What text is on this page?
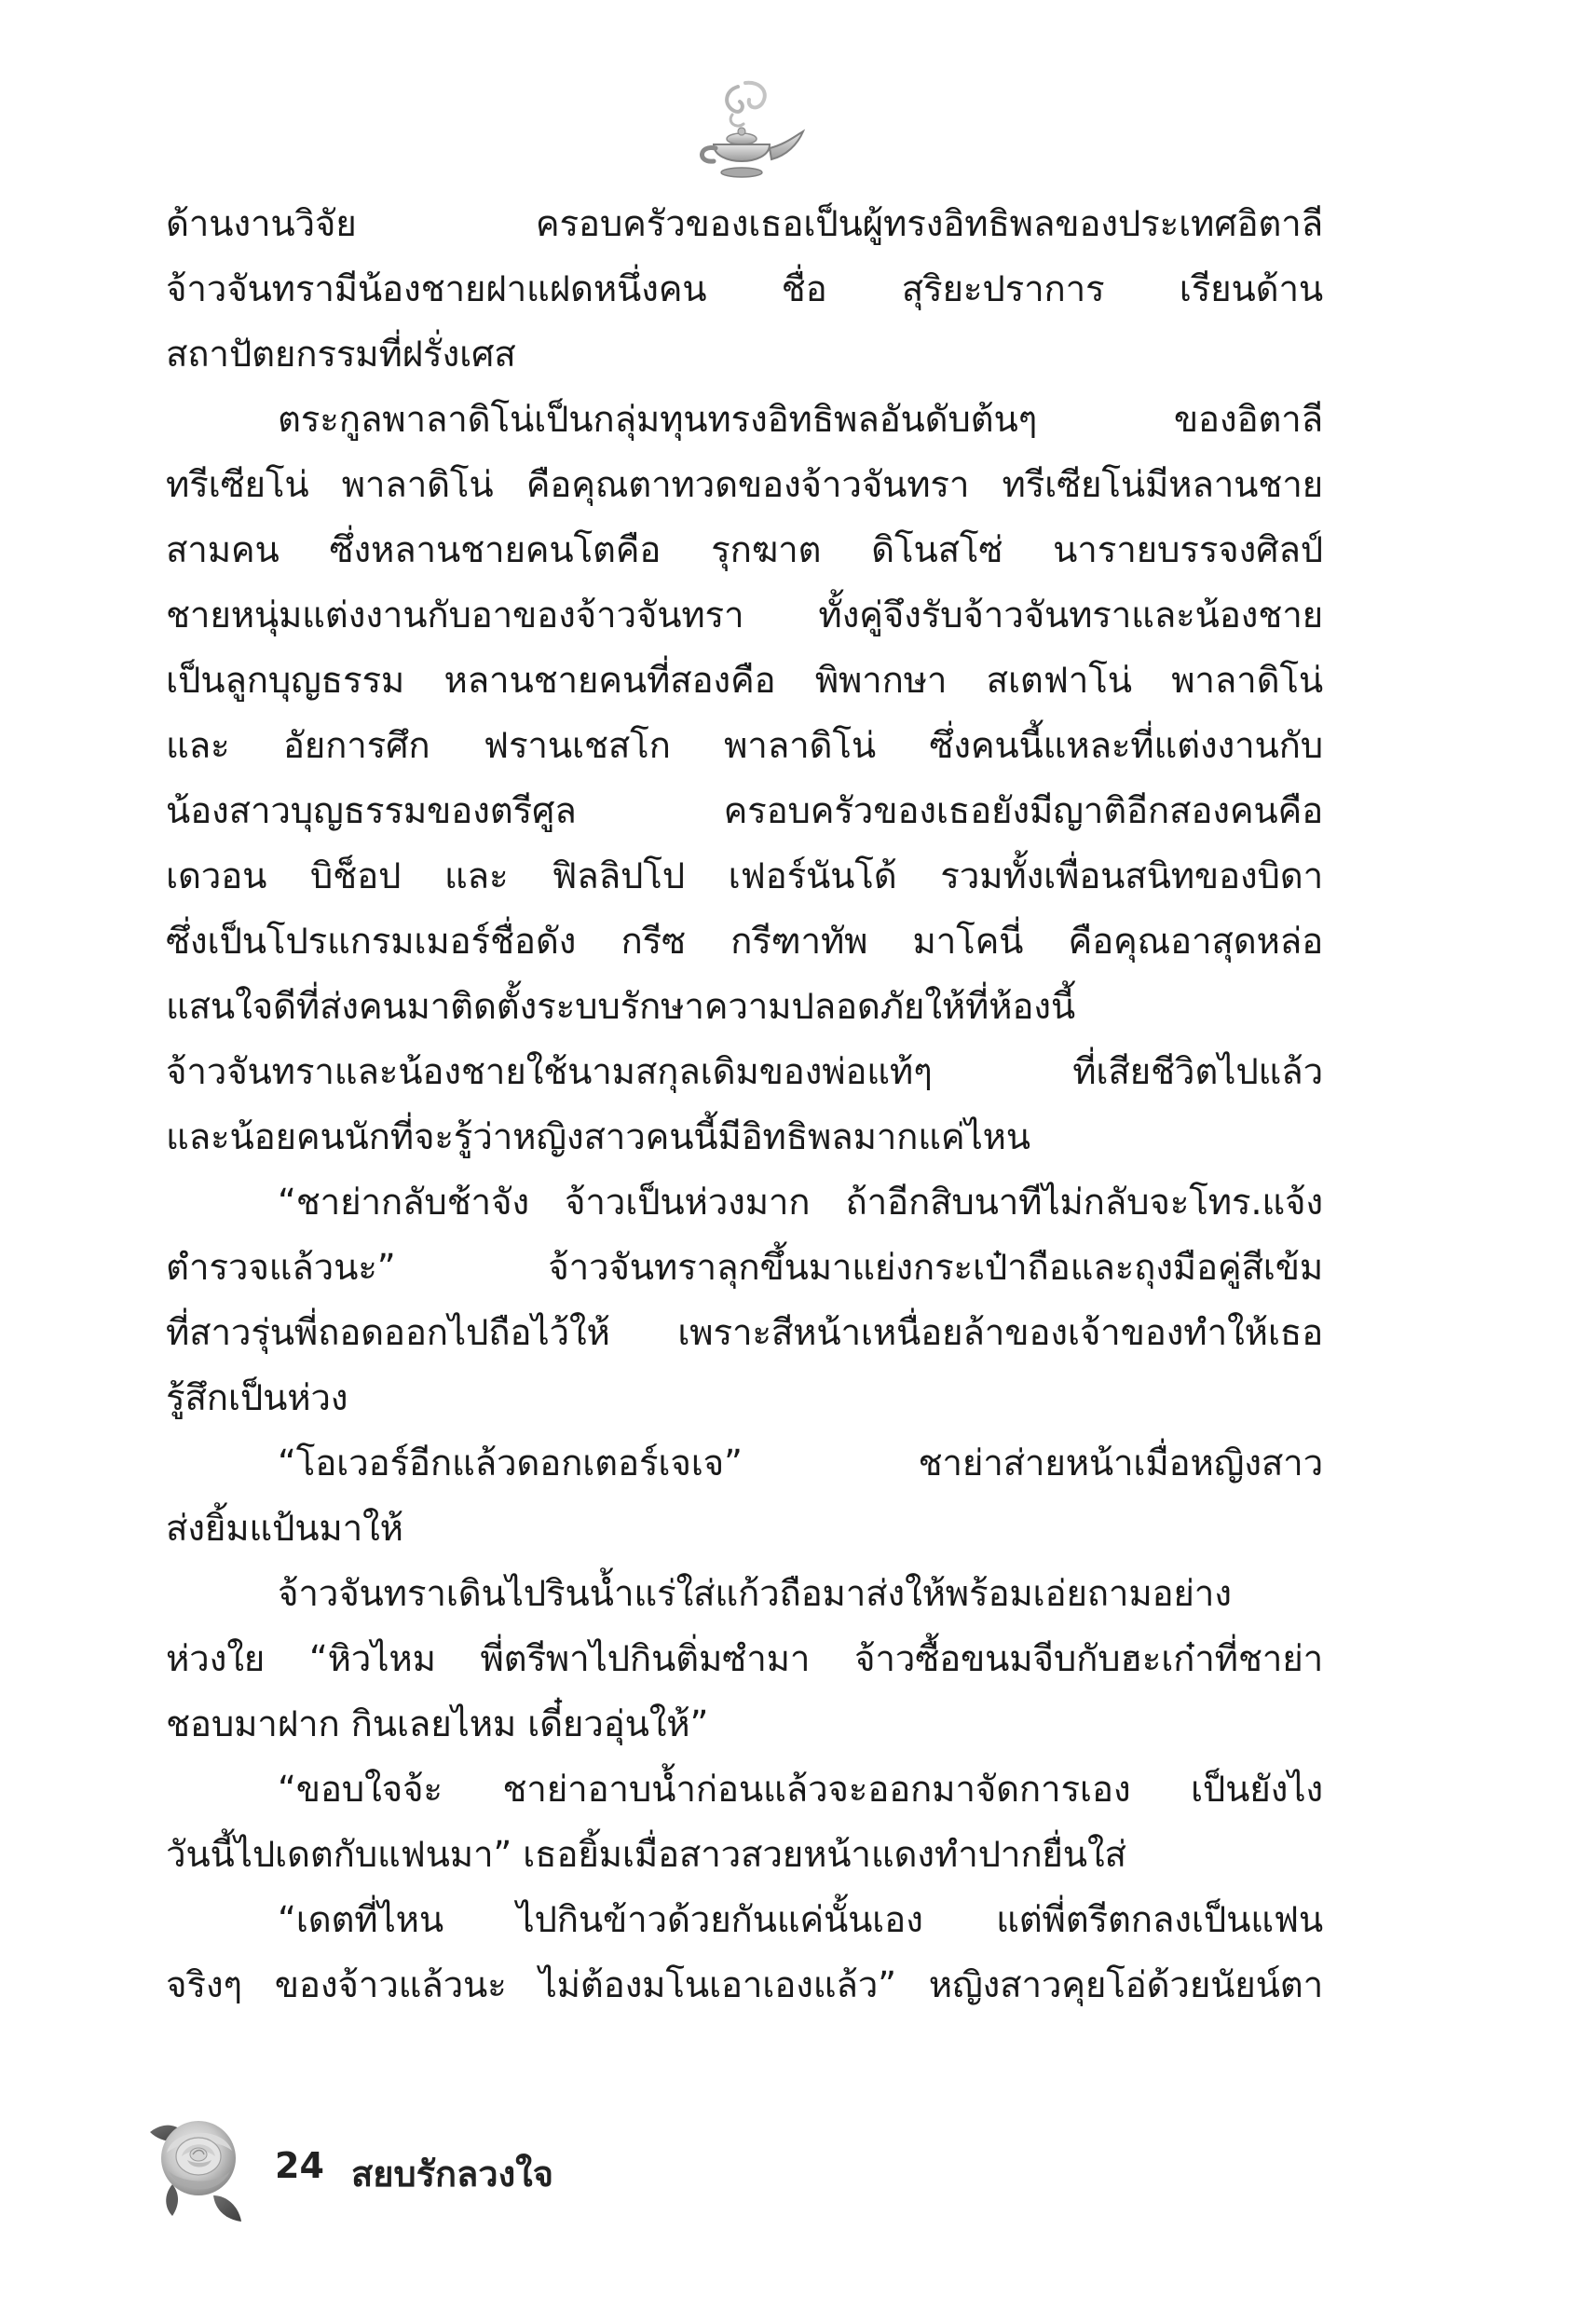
ด้านงานวิจัย ครอบครัวของเธอเป็นผู้ทรงอิทธิพลของประเทศอิตาลี
จ้าวจันทรามีน้องชายฝาแฝดหนึ่งคน ชื่อ สุริยะปราการ เรียนด้าน
สถาปัตยกรรมที่ฝรั่งเศส
ตระกูลพาลาดิโน่เป็นกลุ่มทุนทรงอิทธิพลอันดับต้นๆ ของอิตาลี
ทรีเซียโน่ พาลาดิโน่ คือคุณตาทวดของจ้าวจันทรา ทรีเซียโน่มีหลานชาย
สามคน ซึ่งหลานชายคนโตคือ รุกฆาต ดิโนสโซ่ นารายบรรจงศิลป์
ชายหนุ่มแต่งงานกับอาของจ้าวจันทรา ทั้งคู่จึงรับจ้าวจันทราและน้องชาย
เป็นลูกบุญธรรม หลานชายคนที่สองคือ พิพากษา สเตฟาโน่ พาลาดิโน่
และ อัยการศึก ฟรานเชสโก พาลาดิโน่ ซึ่งคนนี้แหละที่แต่งงานกับ
น้องสาวบุญธรรมของตรีศูล ครอบครัวของเธอยังมีญาติอีกสองคนคือ
เดวอน บิช็อป และ ฟิลลิปโป เฟอร์นันโด้ รวมทั้งเพื่อนสนิทของบิดา
ซึ่งเป็นโปรแกรมเมอร์ชื่อดัง กรีซ กรีฑาทัพ มาโคนี่ คือคุณอาสุดหล่อ
แสนใจดีที่ส่งคนมาติดตั้งระบบรักษาความปลอดภัยให้ที่ห้องนี้
จ้าวจันทราและน้องชายใช้นามสกุลเดิมของพ่อแท้ๆ ที่เสียชีวิตไปแล้ว
และน้อยคนนักที่จะรู้ว่าหญิงสาวคนนี้มีอิทธิพลมากแค่ไหน
“ชาย่ากลับช้าจัง จ้าวเป็นห่วงมาก ถ้าอีกสิบนาทีไม่กลับจะโทร.แจ้ง
ตำรวจแล้วนะ” จ้าวจันทราลุกขึ้นมาแย่งกระเป๋าถือและถุงมือคู่สีเข้ม
ที่สาวรุ่นพี่ถอดออกไปถือไว้ให้ เพราะสีหน้าเหนื่อยล้าของเจ้าของทำให้เธอ
รู้สึกเป็นห่วง
“โอเวอร์อีกแล้วดอกเตอร์เจเจ” ชาย่าส่ายหน้าเมื่อหญิงสาว
ส่งยิ้มแป้นมาให้
จ้าวจันทราเดินไปรินน้ำแร่ใส่แก้วถือมาส่งให้พร้อมเอ่ยถามอย่าง
ห่วงใย “หิวไหม พี่ตรีพาไปกินติ่มซำมา จ้าวซื้อขนมจีบกับฮะเก๋าที่ชาย่า
ชอบมาฝาก กินเลยไหม เดี๋ยวอุ่นให้”
“ขอบใจจ้ะ ชาย่าอาบน้ำก่อนแล้วจะออกมาจัดการเอง เป็นยังไง
วันนี้ไปเดตกับแฟนมา” เธอยิ้มเมื่อสาวสวยหน้าแดงทำปากยื่นใส่
“เดตที่ไหน ไปกินข้าวด้วยกันแค่นั้นเอง แต่พี่ตรีตกลงเป็นแฟน
จริงๆ ของจ้าวแล้วนะ ไม่ต้องมโนเอาเองแล้ว” หญิงสาวคุยโอ่ด้วยนัยน์ตา
24 สยบรักลวงใจ
